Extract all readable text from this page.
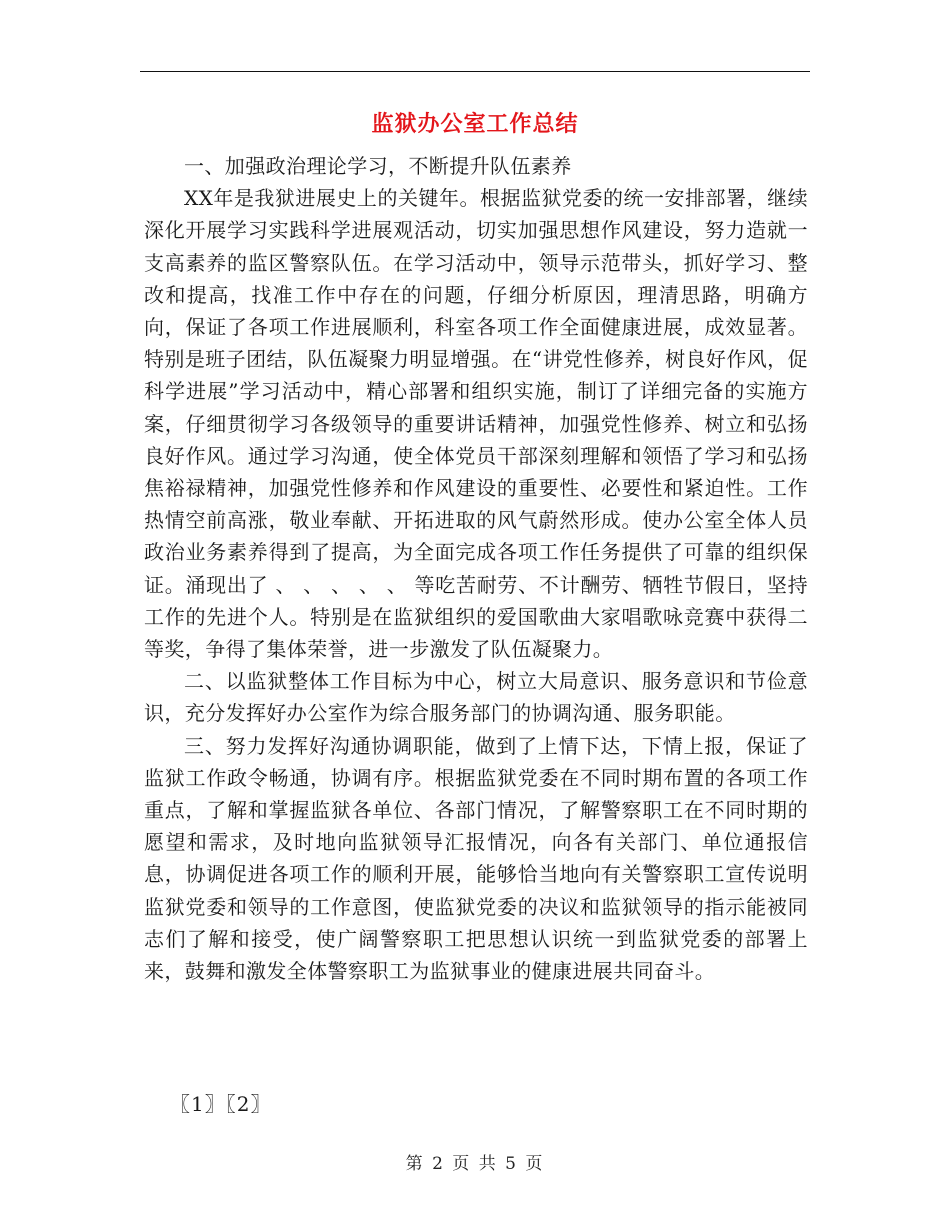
监狱办公室工作总结

一、加强政治理论学习，不断提升队伍素养

XX年是我狱进展史上的关键年。根据监狱党委的统一安排部署，继续深化开展学习实践科学进展观活动，切实加强思想作风建设，努力造就一支高素养的监区警察队伍。在学习活动中，领导示范带头，抓好学习、整改和提高，找准工作中存在的问题，仔细分析原因，理清思路，明确方向，保证了各项工作进展顺利，科室各项工作全面健康进展，成效显著。特别是班子团结，队伍凝聚力明显增强。在“讲党性修养，树良好作风，促科学进展”学习活动中，精心部署和组织实施，制订了详细完备的实施方案，仔细贯彻学习各级领导的重要讲话精神，加强党性修养、树立和弘扬良好作风。通过学习沟通，使全体党员干部深刻理解和领悟了学习和弘扬焦裕禄精神，加强党性修养和作风建设的重要性、必要性和紧迫性。工作热情空前高涨，敬业奉献、开拓进取的风气蔚然形成。使办公室全体人员政治业务素养得到了提高，为全面完成各项工作任务提供了可靠的组织保证。涌现出了 、 、 、 、 、 等吃苦耐劳、不计酬劳、牺牲节假日，坚持工作的先进个人。特别是在监狱组织的爱国歌曲大家唱歌咏竞赛中获得二等奖，争得了集体荣誉，进一步激发了队伍凝聚力。

二、以监狱整体工作目标为中心，树立大局意识、服务意识和节俭意识，充分发挥好办公室作为综合服务部门的协调沟通、服务职能。

三、努力发挥好沟通协调职能，做到了上情下达，下情上报，保证了监狱工作政令畅通，协调有序。根据监狱党委在不同时期布置的各项工作重点，了解和掌握监狱各单位、各部门情况，了解警察职工在不同时期的愿望和需求，及时地向监狱领导汇报情况，向各有关部门、单位通报信息，协调促进各项工作的顺利开展，能够恰当地向有关警察职工宣传说明监狱党委和领导的工作意图，使监狱党委的决议和监狱领导的指示能被同志们了解和接受，使广阔警察职工把思想认识统一到监狱党委的部署上来，鼓舞和激发全体警察职工为监狱事业的健康进展共同奋斗。

〖1〗〖2〗
第 2 页 共 5 页
